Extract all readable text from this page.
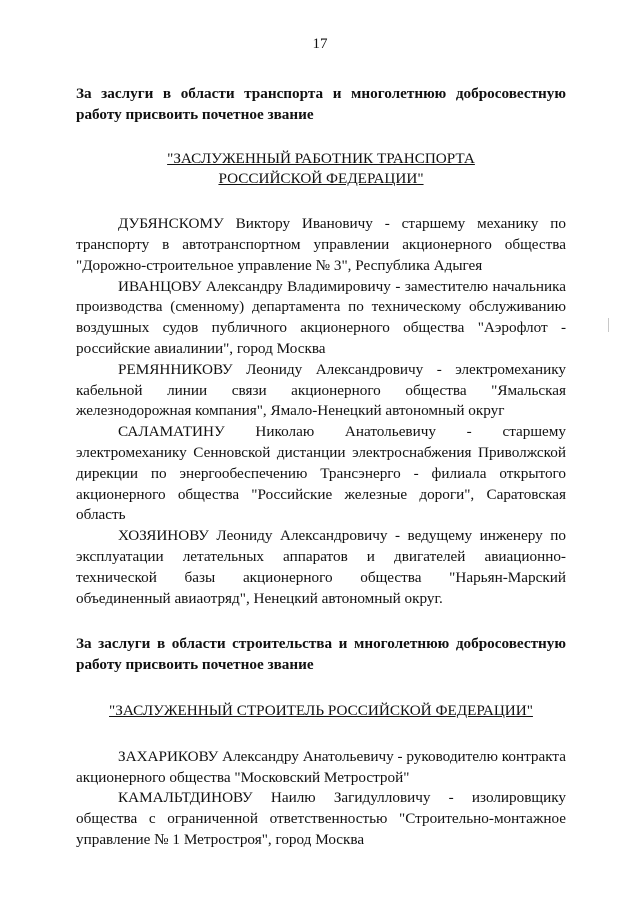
17

За заслуги в области транспорта и многолетнюю добросовестную работу присвоить почетное звание

"ЗАСЛУЖЕННЫЙ РАБОТНИК ТРАНСПОРТА
РОССИЙСКОЙ ФЕДЕРАЦИИ"

ДУБЯНСКОМУ Виктору Ивановичу - старшему механику по транспорту в автотранспортном управлении акционерного общества "Дорожно-строительное управление № 3", Республика Адыгея

ИВАНЦОВУ Александру Владимировичу - заместителю начальника производства (сменному) департамента по техническому обслуживанию воздушных судов публичного акционерного общества "Аэрофлот - российские авиалинии", город Москва

РЕМЯННИКОВУ Леониду Александровичу - электромеханику кабельной линии связи акционерного общества "Ямальская железнодорожная компания", Ямало-Ненецкий автономный округ

САЛАМАТИНУ Николаю Анатольевичу - старшему электромеханику Сенновской дистанции электроснабжения Приволжской дирекции по энергообеспечению Трансэнерго - филиала открытого акционерного общества "Российские железные дороги", Саратовская область

ХОЗЯИНОВУ Леониду Александровичу - ведущему инженеру по эксплуатации летательных аппаратов и двигателей авиационно-технической базы акционерного общества "Нарьян-Марский объединенный авиаотряд", Ненецкий автономный округ.

За заслуги в области строительства и многолетнюю добросовестную работу присвоить почетное звание

"ЗАСЛУЖЕННЫЙ СТРОИТЕЛЬ РОССИЙСКОЙ ФЕДЕРАЦИИ"

ЗАХАРИКОВУ Александру Анатольевичу - руководителю контракта акционерного общества "Московский Метрострой"

КАМАЛЬТДИНОВУ Наилю Загидулловичу - изолировщику общества с ограниченной ответственностью "Строительно-монтажное управление № 1 Метростроя", город Москва
